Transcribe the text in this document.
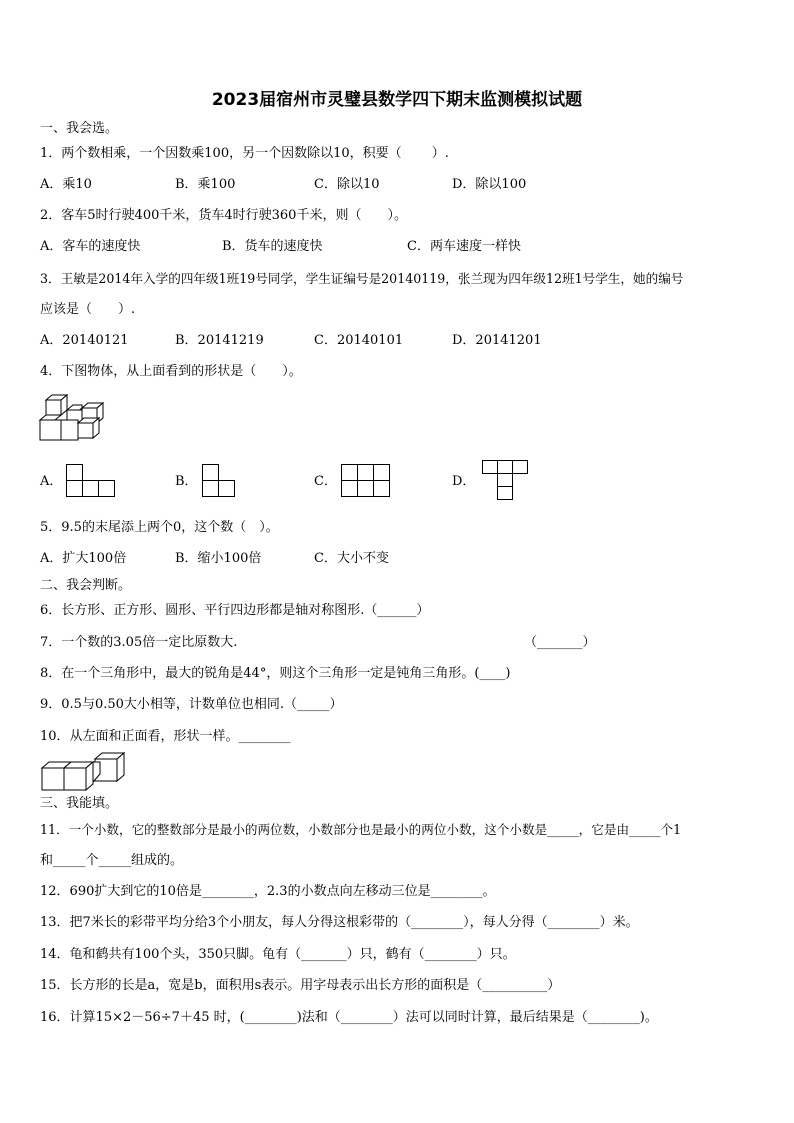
2023届宿州市灵璧县数学四下期末监测模拟试题
一、我会选。
1．两个数相乘，一个因数乘100，另一个因数除以10，积要（　　 ）.
A．乘10	B．乘100	C．除以10	D．除以100
2．客车5时行驶400千米，货车4时行驶360千米，则（　　）。
A．客车的速度快	B．货车的速度快	C．两车速度一样快
3．王敏是2014年入学的四年级1班19号同学，学生证编号是20140119，张兰现为四年级12班1号学生，她的编号
应该是（　　）.
A．20140121	B．20141219	C．20140101	D．20141201
4．下图物体，从上面看到的形状是（　　）。
A．	B．	C．	D．
5．9.5的末尾添上两个0，这个数（　）。
A．扩大100倍	B．缩小100倍	C．大小不变
二、我会判断。
6．长方形、正方形、圆形、平行四边形都是轴对称图形.（______）
7．一个数的3.05倍一定比原数大.	（_______）
8．在一个三角形中，最大的锐角是44°，则这个三角形一定是钝角三角形。(____)
9．0.5与0.50大小相等，计数单位也相同.（_____）
10．从左面和正面看，形状一样。________
三、我能填。
11．一个小数，它的整数部分是最小的两位数，小数部分也是最小的两位小数，这个小数是_____，它是由_____个1
和_____个_____组成的。
12．690扩大到它的10倍是________，2.3的小数点向左移动三位是________。
13．把7米长的彩带平均分给3个小朋友，每人分得这根彩带的（________），每人分得（________）米。
14．龟和鹤共有100个头，350只脚。龟有（_______）只，鹤有（________）只。
15．长方形的长是a，宽是b，面积用s表示。用字母表示出长方形的面积是（__________）
16．计算15×2－56÷7＋45 时，(________)法和（________）法可以同时计算，最后结果是（________)。
